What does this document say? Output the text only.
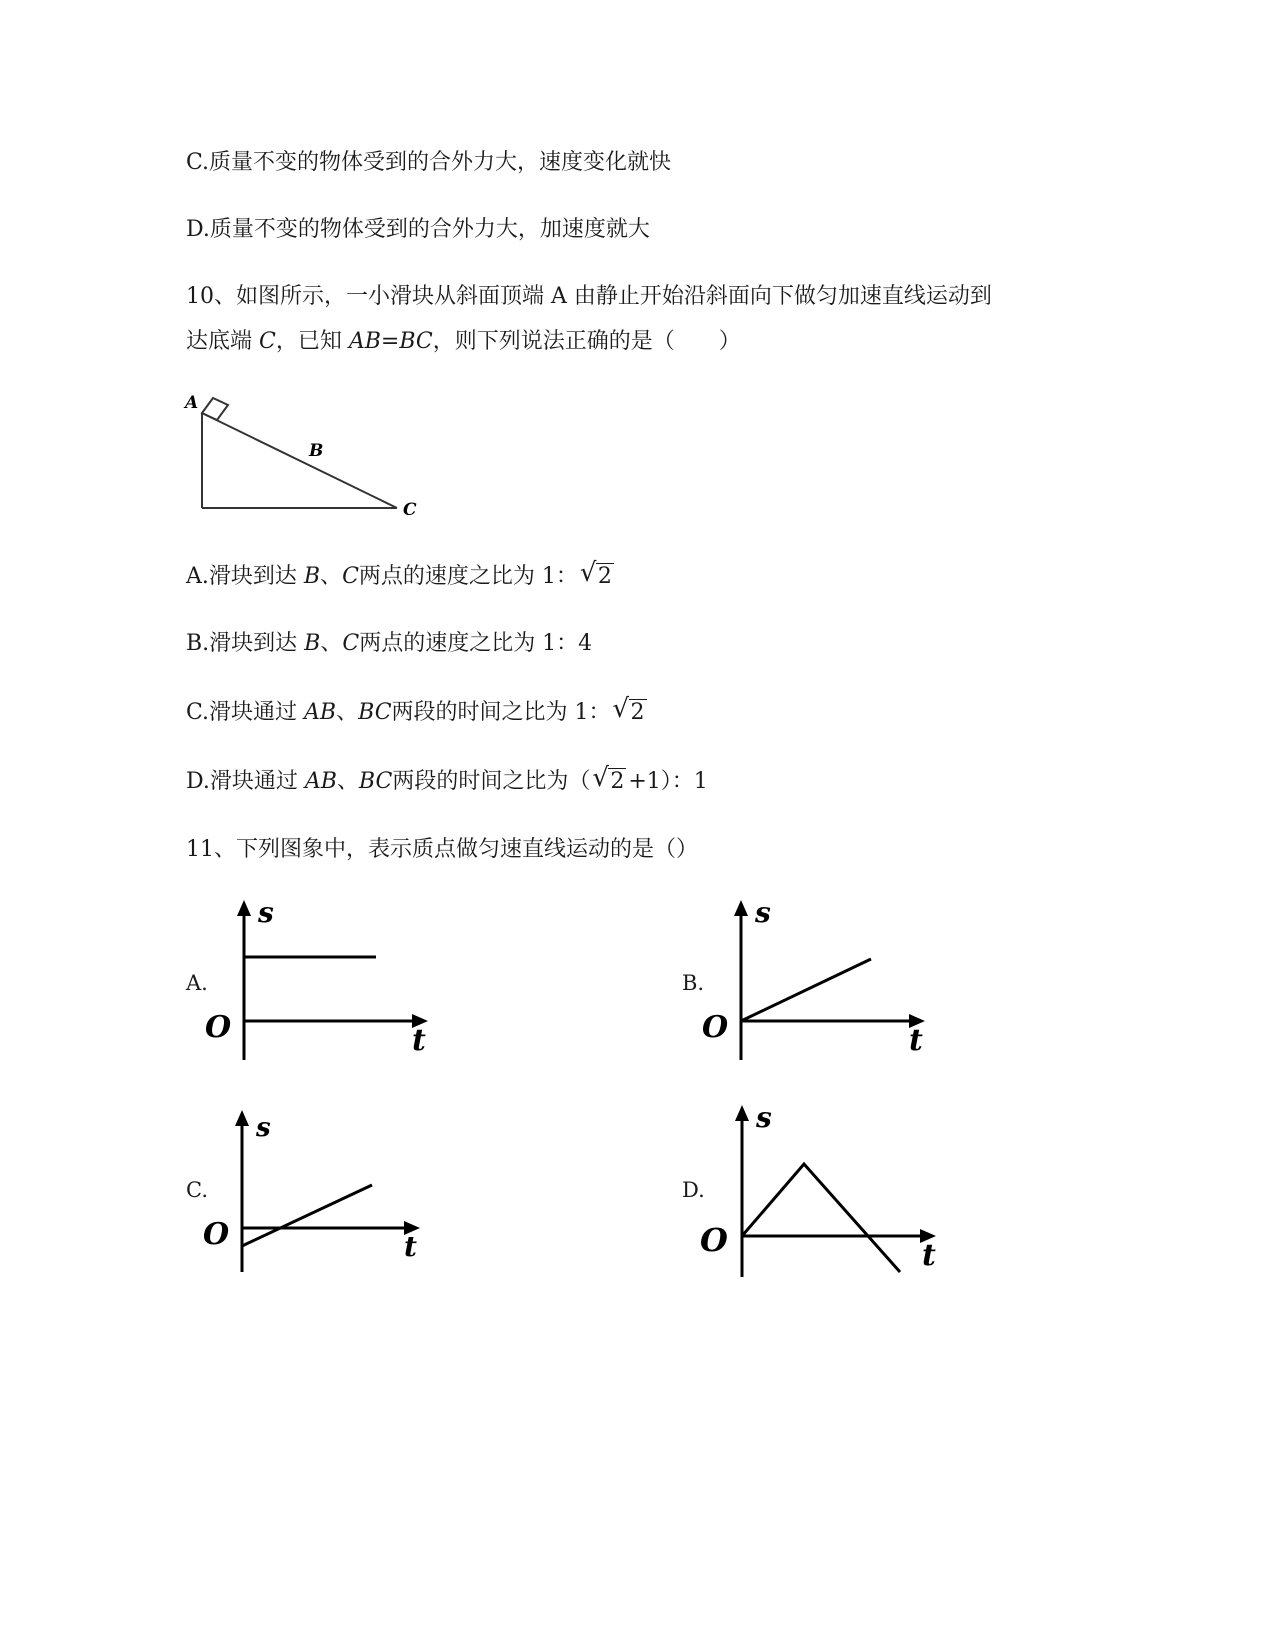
C.质量不变的物体受到的合外力大，速度变化就快
D.质量不变的物体受到的合外力大，加速度就大
10、如图所示，一小滑块从斜面顶端 A 由静止开始沿斜面向下做匀加速直线运动到
达底端 C，已知 AB=BC，则下列说法正确的是（　　）
A
B
C
A.滑块到达 B、C两点的速度之比为 1： √ 2
B.滑块到达 B、C两点的速度之比为 1：4
C.滑块通过 AB、BC两段的时间之比为 1： √ 2
D.滑块通过 AB、BC两段的时间之比为（ √ 2 +1）：1
11、下列图象中，表示质点做匀速直线运动的是（）
A.
s
t
O
B.
s
t
O
C.
s
t
O
D.
s
t
O
